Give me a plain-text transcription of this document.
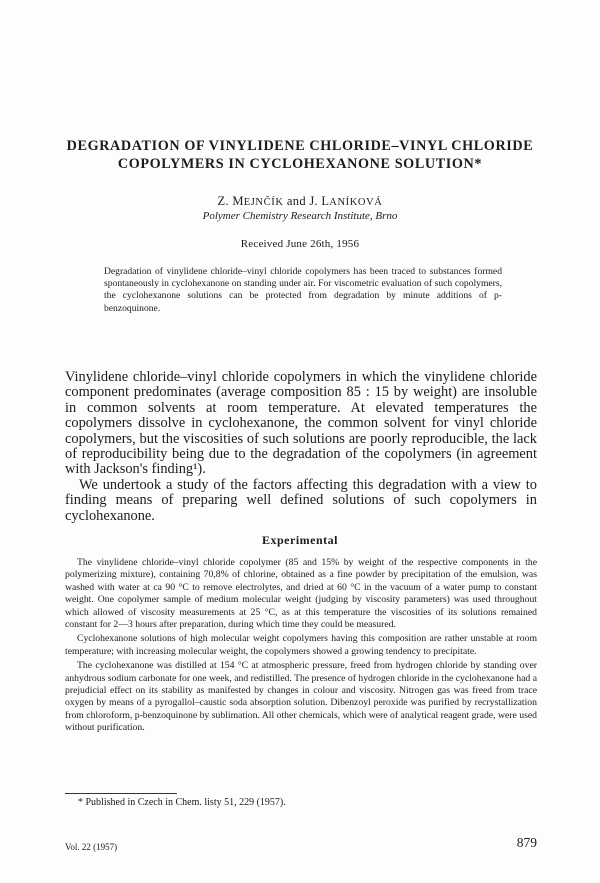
DEGRADATION OF VINYLIDENE CHLORIDE–VINYL CHLORIDE
COPOLYMERS IN CYCLOHEXANONE SOLUTION*

Z. MEJNČÍK and J. LANÍKOVÁ

Polymer Chemistry Research Institute, Brno

Received June 26th, 1956

Degradation of vinylidene chloride–vinyl chloride copolymers has been traced to substances formed spontaneously in cyclohexanone on standing under air. For viscometric evaluation of such copolymers, the cyclohexanone solutions can be protected from degradation by minute additions of p-benzoquinone.

Vinylidene chloride–vinyl chloride copolymers in which the vinylidene chloride component predominates (average composition 85 : 15 by weight) are insoluble in common solvents at room temperature. At elevated temperatures the copolymers dissolve in cyclohexanone, the common solvent for vinyl chloride copolymers, but the viscosities of such solutions are poorly reproducible, the lack of reproducibility being due to the degradation of the copolymers (in agreement with Jackson's finding¹).

We undertook a study of the factors affecting this degradation with a view to finding means of preparing well defined solutions of such copolymers in cyclohexanone.

Experimental

The vinylidene chloride–vinyl chloride copolymer (85 and 15% by weight of the respective components in the polymerizing mixture), containing 70,8% of chlorine, obtained as a fine powder by precipitation of the emulsion, was washed with water at ca 90 °C to remove electrolytes, and dried at 60 °C in the vacuum of a water pump to constant weight. One copolymer sample of medium molecular weight (judging by viscosity parameters) was used throughout which allowed of viscosity measurements at 25 °C, as at this temperature the viscosities of its solutions remained constant for 2—3 hours after preparation, during which time they could be measured.

Cyclohexanone solutions of high molecular weight copolymers having this composition are rather unstable at room temperature; with increasing molecular weight, the copolymers showed a growing tendency to precipitate.

The cyclohexanone was distilled at 154 °C at atmospheric pressure, freed from hydrogen chloride by standing over anhydrous sodium carbonate for one week, and redistilled. The presence of hydrogen chloride in the cyclohexanone had a prejudicial effect on its stability as manifested by changes in colour and viscosity. Nitrogen gas was freed from trace oxygen by means of a pyrogallol–caustic soda absorption solution. Dibenzoyl peroxide was purified by recrystallization from chloroform, p-benzoquinone by sublimation. All other chemicals, which were of analytical reagent grade, were used without purification.

* Published in Czech in Chem. listy 51, 229 (1957).

Vol. 22 (1957)	879
